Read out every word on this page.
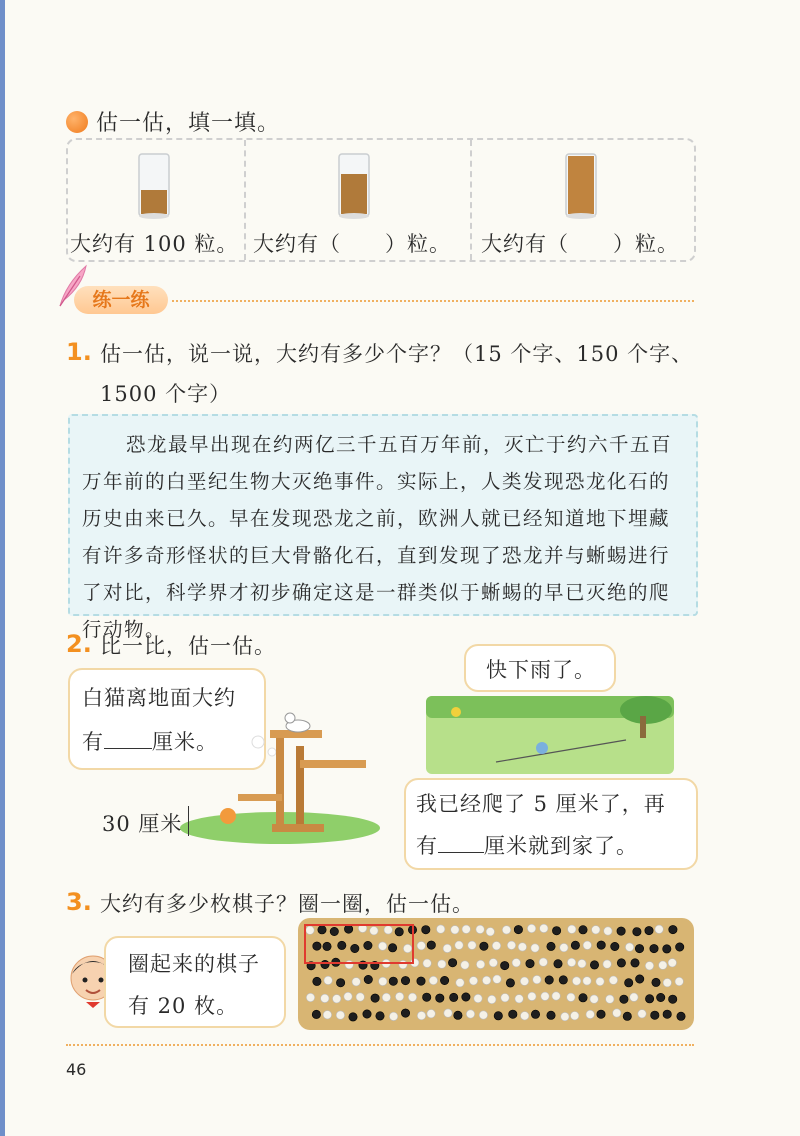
估一估，填一填。
大约有 100 粒。 大约有（　　）粒。 大约有（　　）粒。
练一练
1. 估一估，说一说，大约有多少个字？（15 个字、150 个字、
1500 个字）
恐龙最早出现在约两亿三千五百万年前，灭亡于约六千五百万年前的白垩纪生物大灭绝事件。实际上，人类发现恐龙化石的历史由来已久。早在发现恐龙之前，欧洲人就已经知道地下埋藏有许多奇形怪状的巨大骨骼化石，直到发现了恐龙并与蜥蜴进行了对比，科学界才初步确定这是一群类似于蜥蜴的早已灭绝的爬行动物。
2. 比一比，估一估。
白猫离地面大约
有 厘米。
30 厘米
快下雨了。
我已经爬了 5 厘米了，再
有 厘米就到家了。
3. 大约有多少枚棋子？圈一圈，估一估。
圈起来的棋子
有 20 枚。
46
